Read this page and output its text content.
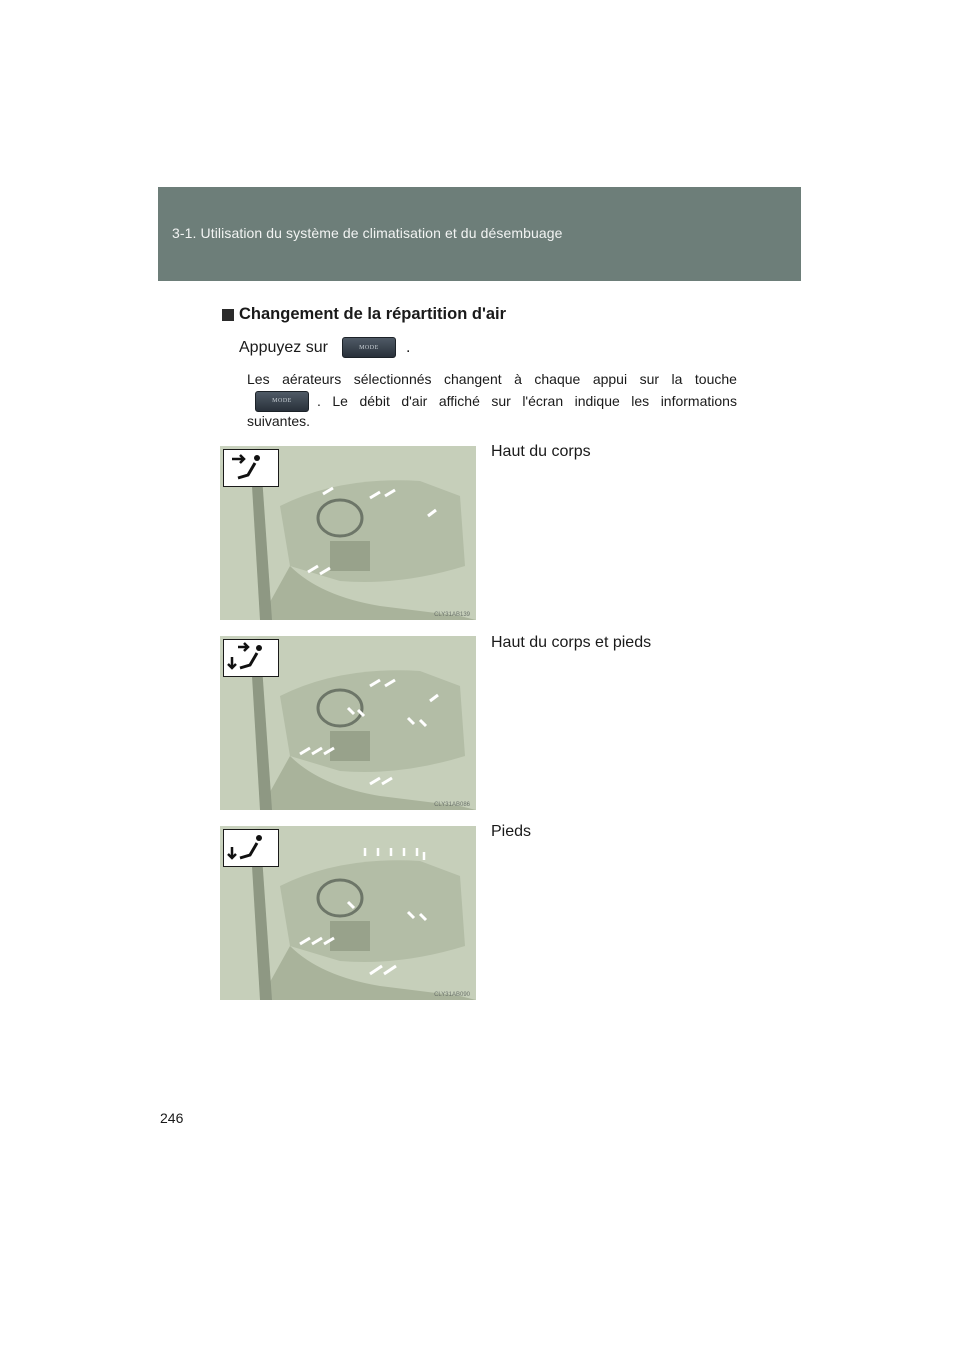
3-1. Utilisation du système de climatisation et du désembuage
Changement de la répartition d'air
Appuyez sur	MODE .
Les aérateurs sélectionnés changent à chaque appui sur la touche
MODE . Le débit d'air affiché sur l'écran indique les informations

suivantes.

CLY31AB139
Haut du corps
CLY31AB086
Haut du corps et pieds
CLY31AB090
Pieds
246
